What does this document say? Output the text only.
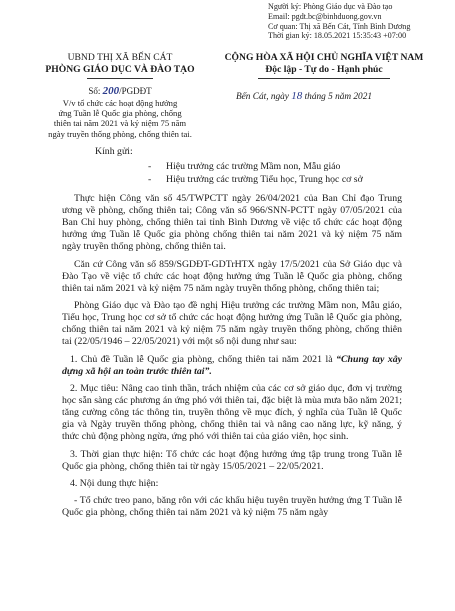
Người ký: Phòng Giáo dục và Đào tạo
Email: pgdt.bc@binhduong.gov.vn
Cơ quan: Thị xã Bến Cát, Tỉnh Bình Dương
Thời gian ký: 18.05.2021 15:35:43 +07:00
UBND THỊ XÃ BẾN CÁT
PHÒNG GIÁO DỤC VÀ ĐÀO TẠO
CỘNG HÒA XÃ HỘI CHỦ NGHĨA VIỆT NAM
Độc lập - Tự do - Hạnh phúc
Số: 200/PGDĐT
V/v tổ chức các hoạt động hưởng
ứng Tuần lễ Quốc gia phòng, chống
thiên tai năm 2021 và kỷ niệm 75 năm
ngày truyền thống phòng, chống thiên tai.
Bến Cát, ngày 18 tháng 5 năm 2021
Kính gửi:
- Hiệu trưởng các trường Mầm non, Mẫu giáo
- Hiệu trưởng các trường Tiểu học, Trung học cơ sở

Thực hiện Công văn số 45/TWPCTT ngày 26/04/2021 của Ban Chỉ đạo Trung ương về phòng, chống thiên tai; Công văn số 966/SNN-PCTT ngày 07/05/2021 của Ban Chỉ huy phòng, chống thiên tai tỉnh Bình Dương về việc tổ chức các hoạt động hưởng ứng Tuần lễ Quốc gia phòng chống thiên tai năm 2021 và kỷ niệm 75 năm ngày truyền thống phòng, chống thiên tai.

Căn cứ Công văn số 859/SGDĐT-GDTrHTX ngày 17/5/2021 của Sở Giáo dục và Đào Tạo về việc tổ chức các hoạt động hưởng ứng Tuần lễ Quốc gia phòng, chống thiên tai năm 2021 và kỷ niệm 75 năm ngày truyền thống phòng, chống thiên tai;

Phòng Giáo dục và Đào tạo đề nghị Hiệu trưởng các trường Mầm non, Mẫu giáo, Tiểu học, Trung học cơ sở tổ chức các hoạt động hưởng ứng Tuần lễ Quốc gia phòng, chống thiên tai năm 2021 và kỷ niệm 75 năm ngày truyền thống phòng, chống thiên tai (22/05/1946 – 22/05/2021) với một số nội dung như sau:

1. Chủ đề Tuần lễ Quốc gia phòng, chống thiên tai năm 2021 là “Chung tay xây dựng xã hội an toàn trước thiên tai”.

2. Mục tiêu: Nâng cao tinh thần, trách nhiệm của các cơ sở giáo dục, đơn vị trường học sẵn sàng các phương án ứng phó với thiên tai, đặc biệt là mùa mưa bão năm 2021; tăng cường công tác thông tin, truyền thông về mục đích, ý nghĩa của Tuần lễ Quốc gia và Ngày truyền thống phòng, chống thiên tai và nâng cao năng lực, kỹ năng, ý thức chủ động phòng ngừa, ứng phó với thiên tai của giáo viên, học sinh.

3. Thời gian thực hiện: Tổ chức các hoạt động hưởng ứng tập trung trong Tuần lễ Quốc gia phòng, chống thiên tai từ ngày 15/05/2021 – 22/05/2021.

4. Nội dung thực hiện:

- Tổ chức treo pano, băng rôn với các khẩu hiệu tuyên truyền hưởng ứng T Tuần lễ Quốc gia phòng, chống thiên tai năm 2021 và kỷ niệm 75 năm ngày
